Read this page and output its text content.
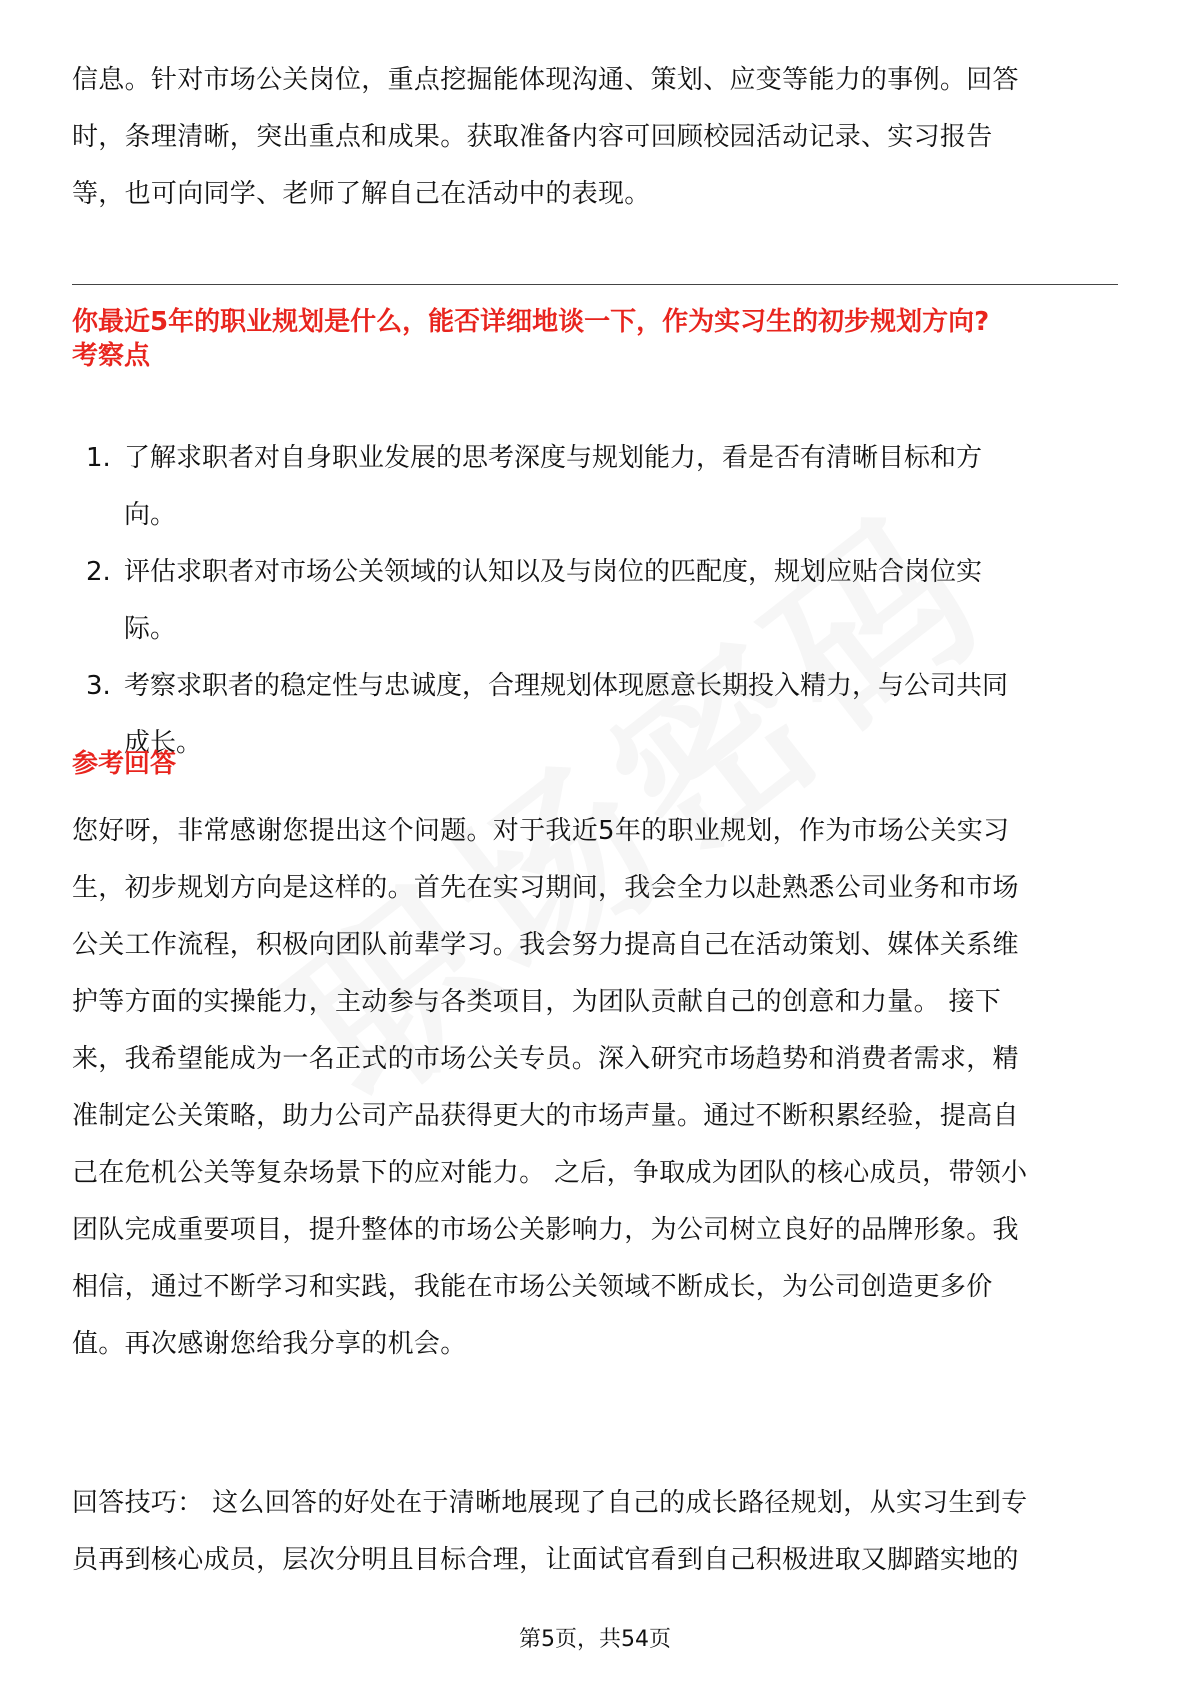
信息。针对市场公关岗位，重点挖掘能体现沟通、策划、应变等能力的事例。回答

时，条理清晰，突出重点和成果。获取准备内容可回顾校园活动记录、实习报告

等，也可向同学、老师了解自己在活动中的表现。

你最近5年的职业规划是什么，能否详细地谈一下，作为实习生的初步规划方向?

考察点

1. 了解求职者对自身职业发展的思考深度与规划能力，看是否有清晰目标和方
向。
2. 评估求职者对市场公关领域的认知以及与岗位的匹配度，规划应贴合岗位实
际。
3. 考察求职者的稳定性与忠诚度，合理规划体现愿意长期投入精力，与公司共同
成长。

参考回答

您好呀，非常感谢您提出这个问题。对于我近5年的职业规划，作为市场公关实习

生，初步规划方向是这样的。首先在实习期间，我会全力以赴熟悉公司业务和市场

公关工作流程，积极向团队前辈学习。我会努力提高自己在活动策划、媒体关系维

护等方面的实操能力，主动参与各类项目，为团队贡献自己的创意和力量。 接下

来，我希望能成为一名正式的市场公关专员。深入研究市场趋势和消费者需求，精

准制定公关策略，助力公司产品获得更大的市场声量。通过不断积累经验，提高自

己在危机公关等复杂场景下的应对能力。 之后，争取成为团队的核心成员，带领小

团队完成重要项目，提升整体的市场公关影响力，为公司树立良好的品牌形象。我

相信，通过不断学习和实践，我能在市场公关领域不断成长，为公司创造更多价

值。再次感谢您给我分享的机会。

回答技巧： 这么回答的好处在于清晰地展现了自己的成长路径规划，从实习生到专

员再到核心成员，层次分明且目标合理，让面试官看到自己积极进取又脚踏实地的

第5页，共54页
